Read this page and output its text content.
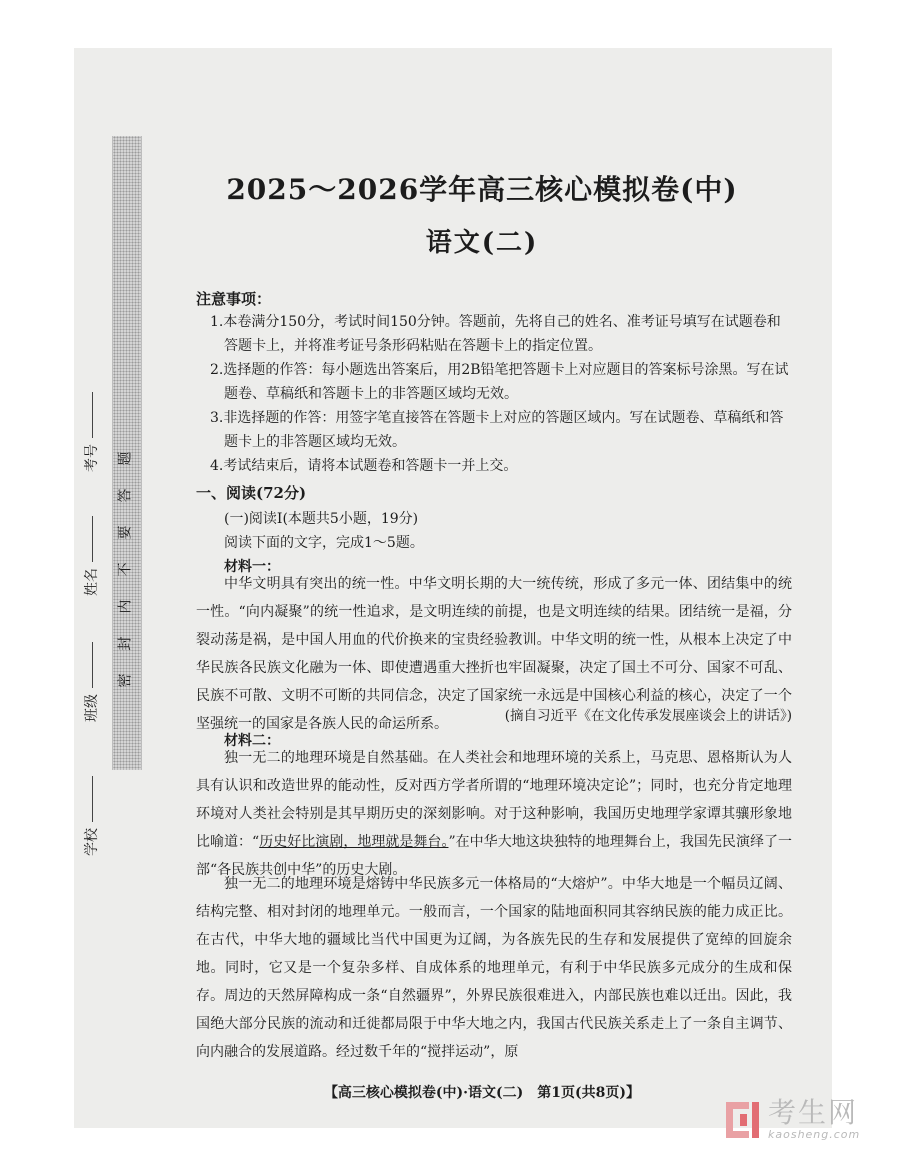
题
答
要
不
内
封
密
考号
姓名
班级
学校
2025～2026学年高三核心模拟卷(中)
语文(二)
注意事项：
1.本卷满分150分，考试时间150分钟。答题前，先将自己的姓名、准考证号填写在试题卷和答题卡上，并将准考证号条形码粘贴在答题卡上的指定位置。
2.选择题的作答：每小题选出答案后，用2B铅笔把答题卡上对应题目的答案标号涂黑。写在试题卷、草稿纸和答题卡上的非答题区域均无效。
3.非选择题的作答：用签字笔直接答在答题卡上对应的答题区域内。写在试题卷、草稿纸和答题卡上的非答题区域均无效。
4.考试结束后，请将本试题卷和答题卡一并上交。
一、阅读(72分)
(一)阅读Ⅰ(本题共5小题，19分)
阅读下面的文字，完成1～5题。
材料一：
中华文明具有突出的统一性。中华文明长期的大一统传统，形成了多元一体、团结集中的统一性。“向内凝聚”的统一性追求，是文明连续的前提，也是文明连续的结果。团结统一是福，分裂动荡是祸，是中国人用血的代价换来的宝贵经验教训。中华文明的统一性，从根本上决定了中华民族各民族文化融为一体、即使遭遇重大挫折也牢固凝聚，决定了国土不可分、国家不可乱、民族不可散、文明不可断的共同信念，决定了国家统一永远是中国核心利益的核心，决定了一个坚强统一的国家是各族人民的命运所系。	(摘自习近平《在文化传承发展座谈会上的讲话》)
材料二：
独一无二的地理环境是自然基础。在人类社会和地理环境的关系上，马克思、恩格斯认为人具有认识和改造世界的能动性，反对西方学者所谓的“地理环境决定论”；同时，也充分肯定地理环境对人类社会特别是其早期历史的深刻影响。对于这种影响，我国历史地理学家谭其骧形象地比喻道：“历史好比演剧，地理就是舞台。”在中华大地这块独特的地理舞台上，我国先民演绎了一部“各民族共创中华”的历史大剧。
独一无二的地理环境是熔铸中华民族多元一体格局的“大熔炉”。中华大地是一个幅员辽阔、结构完整、相对封闭的地理单元。一般而言，一个国家的陆地面积同其容纳民族的能力成正比。在古代，中华大地的疆域比当代中国更为辽阔，为各族先民的生存和发展提供了宽绰的回旋余地。同时，它又是一个复杂多样、自成体系的地理单元，有利于中华民族多元成分的生成和保存。周边的天然屏障构成一条“自然疆界”，外界民族很难进入，内部民族也难以迁出。因此，我国绝大部分民族的流动和迁徙都局限于中华大地之内，我国古代民族关系走上了一条自主调节、向内融合的发展道路。经过数千年的“搅拌运动”，原
【高三核心模拟卷(中)·语文(二)　第1页(共8页)】
考生网
kaosheng.com
